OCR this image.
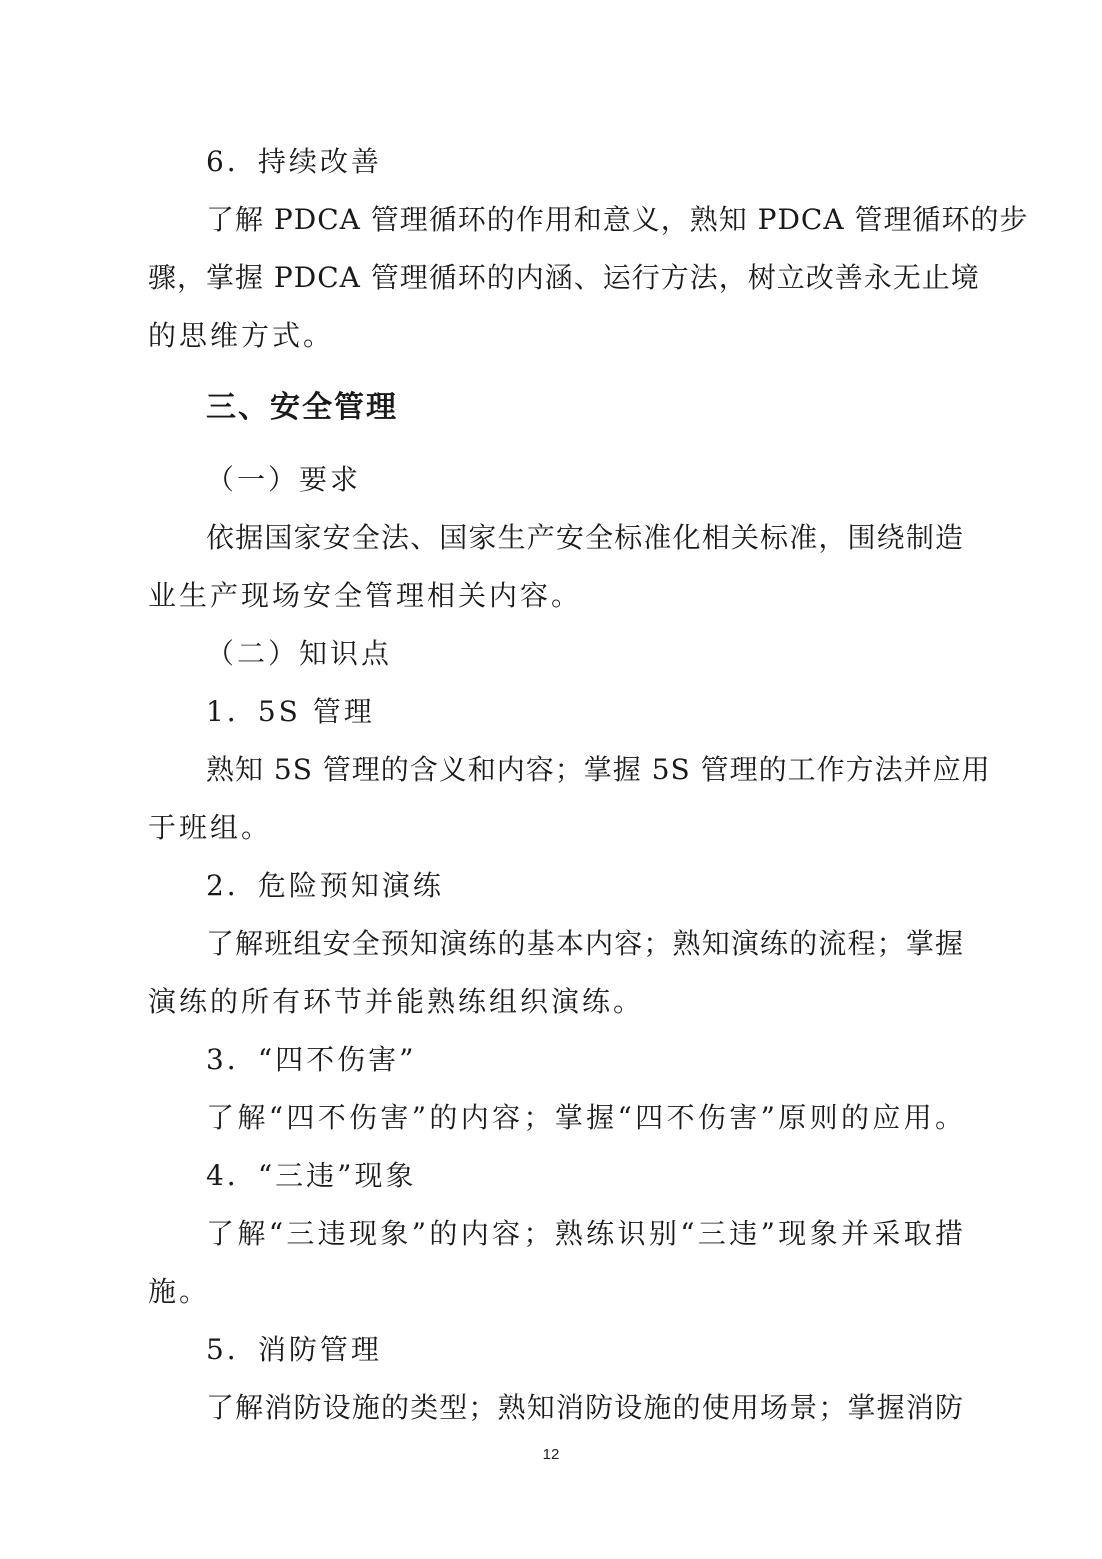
6．持续改善
了解 PDCA 管理循环的作用和意义，熟知 PDCA 管理循环的步
骤，掌握 PDCA 管理循环的内涵、运行方法，树立改善永无止境
的思维方式。
三、安全管理
（一）要求
依据国家安全法、国家生产安全标准化相关标准，围绕制造
业生产现场安全管理相关内容。
（二）知识点
1．5S 管理
熟知 5S 管理的含义和内容；掌握 5S 管理的工作方法并应用
于班组。
2．危险预知演练
了解班组安全预知演练的基本内容；熟知演练的流程；掌握
演练的所有环节并能熟练组织演练。
3．“四不伤害”
了解“四不伤害”的内容；掌握“四不伤害”原则的应用。
4．“三违”现象
了解“三违现象”的内容；熟练识别“三违”现象并采取措
施。
5．消防管理
了解消防设施的类型；熟知消防设施的使用场景；掌握消防
12
